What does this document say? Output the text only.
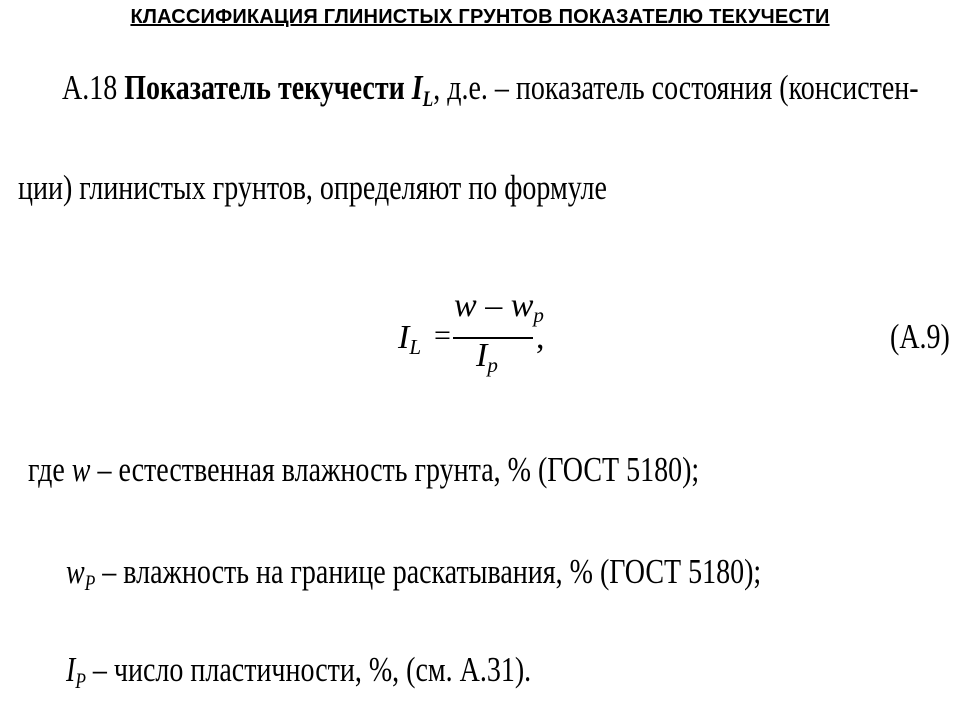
КЛАССИФИКАЦИЯ ГЛИНИСТЫХ ГРУНТОВ ПОКАЗАТЕЛЮ ТЕКУЧЕСТИ
А.18 Показатель текучести IL, д.е. – показатель состояния (консистен-
ции) глинистых грунтов, определяют по формуле
IL =
w – wp
Ip
,	(А.9)
где w – естественная влажность грунта, % (ГОСТ 5180);
wP – влажность на границе раскатывания, % (ГОСТ 5180);
IP – число пластичности, %, (см. А.31).
